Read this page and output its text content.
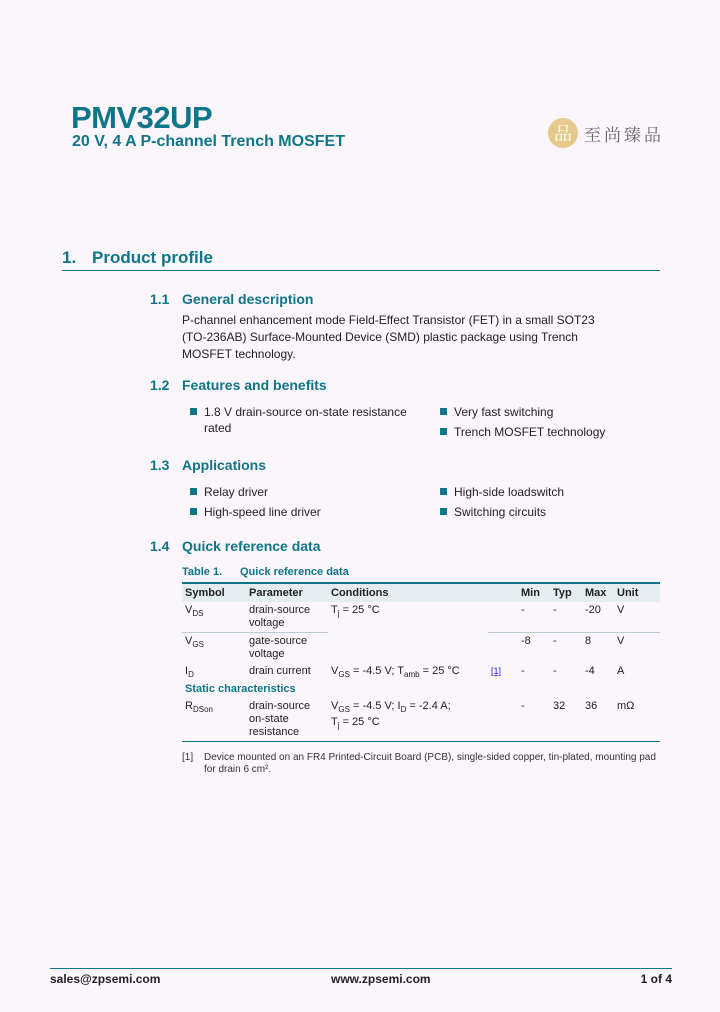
PMV32UP
20 V, 4 A P-channel Trench MOSFET	品 至尚臻品
1. Product profile
1.1 General description
P-channel enhancement mode Field-Effect Transistor (FET) in a small SOT23 (TO-236AB) Surface-Mounted Device (SMD) plastic package using Trench MOSFET technology.
1.2 Features and benefits
1.8 V drain-source on-state resistance rated
Very fast switching
Trench MOSFET technology
1.3 Applications
Relay driver
High-speed line driver
High-side loadswitch
Switching circuits
1.4 Quick reference data
Table 1. Quick reference data
Symbol	Parameter	Conditions		Min	Typ	Max	Unit
$V_{DS}$	drain-source voltage	$T_j = 25$ °C		-	-	-20	V
$V_{GS}$	gate-source voltage			-8	-	8	V
$I_D$	drain current	$V_{GS} = -4.5$ V; $T_{amb} = 25$ °C	[1]	-	-	-4	A
Static characteristics							
$R_{DSon}$	drain-source on-state resistance	$V_{GS} = -4.5$ V; $I_D = -2.4$ A;
$T_j = 25$ °C		-	32	36	mΩ
[1]	Device mounted on an FR4 Printed-Circuit Board (PCB), single-sided copper, tin-plated, mounting pad for drain 6 cm².
sales@zpsemi.com	www.zpsemi.com	1 of 4
